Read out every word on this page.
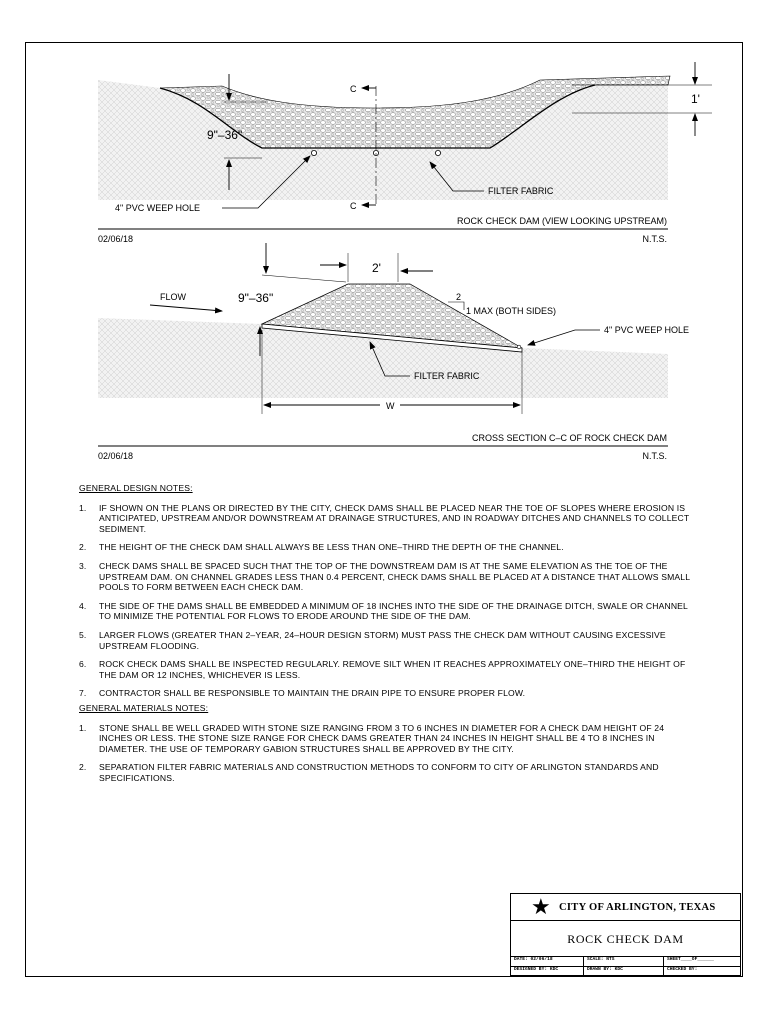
C
C
9"–36"
1'
4" PVC WEEP HOLE
FILTER FABRIC
ROCK CHECK DAM (VIEW LOOKING UPSTREAM)
02/06/18	N.T.S.
2'
9"–36"
FLOW	2
1 MAX (BOTH SIDES)
4" PVC WEEP HOLE
FILTER FABRIC
W
CROSS SECTION C–C OF ROCK CHECK DAM
02/06/18	N.T.S.
GENERAL DESIGN NOTES:
1. IF SHOWN ON THE PLANS OR DIRECTED BY THE CITY, CHECK DAMS SHALL BE PLACED NEAR THE TOE OF SLOPES WHERE EROSION IS ANTICIPATED, UPSTREAM AND/OR DOWNSTREAM AT DRAINAGE STRUCTURES, AND IN ROADWAY DITCHES AND CHANNELS TO COLLECT SEDIMENT.
2. THE HEIGHT OF THE CHECK DAM SHALL ALWAYS BE LESS THAN ONE–THIRD THE DEPTH OF THE CHANNEL.
3. CHECK DAMS SHALL BE SPACED SUCH THAT THE TOP OF THE DOWNSTREAM DAM IS AT THE SAME ELEVATION AS THE TOE OF THE UPSTREAM DAM. ON CHANNEL GRADES LESS THAN 0.4 PERCENT, CHECK DAMS SHALL BE PLACED AT A DISTANCE THAT ALLOWS SMALL POOLS TO FORM BETWEEN EACH CHECK DAM.
4. THE SIDE OF THE DAMS SHALL BE EMBEDDED A MINIMUM OF 18 INCHES INTO THE SIDE OF THE DRAINAGE DITCH, SWALE OR CHANNEL TO MINIMIZE THE POTENTIAL FOR FLOWS TO ERODE AROUND THE SIDE OF THE DAM.
5. LARGER FLOWS (GREATER THAN 2–YEAR, 24–HOUR DESIGN STORM) MUST PASS THE CHECK DAM WITHOUT CAUSING EXCESSIVE UPSTREAM FLOODING.
6. ROCK CHECK DAMS SHALL BE INSPECTED REGULARLY. REMOVE SILT WHEN IT REACHES APPROXIMATELY ONE–THIRD THE HEIGHT OF THE DAM OR 12 INCHES, WHICHEVER IS LESS.
7. CONTRACTOR SHALL BE RESPONSIBLE TO MAINTAIN THE DRAIN PIPE TO ENSURE PROPER FLOW.
GENERAL MATERIALS NOTES:
1. STONE SHALL BE WELL GRADED WITH STONE SIZE RANGING FROM 3 TO 6 INCHES IN DIAMETER FOR A CHECK DAM HEIGHT OF 24 INCHES OR LESS. THE STONE SIZE RANGE FOR CHECK DAMS GREATER THAN 24 INCHES IN HEIGHT SHALL BE 4 TO 8 INCHES IN DIAMETER. THE USE OF TEMPORARY GABION STRUCTURES SHALL BE APPROVED BY THE CITY.
2. SEPARATION FILTER FABRIC MATERIALS AND CONSTRUCTION METHODS TO CONFORM TO CITY OF ARLINGTON STANDARDS AND SPECIFICATIONS.
★ CITY OF ARLINGTON, TEXAS
ROCK CHECK DAM
DATE: 02/06/18	SCALE: NTS	SHEET____OF______
DESIGNED BY: KDC	DRAWN BY: KDC	CHECKED BY:
